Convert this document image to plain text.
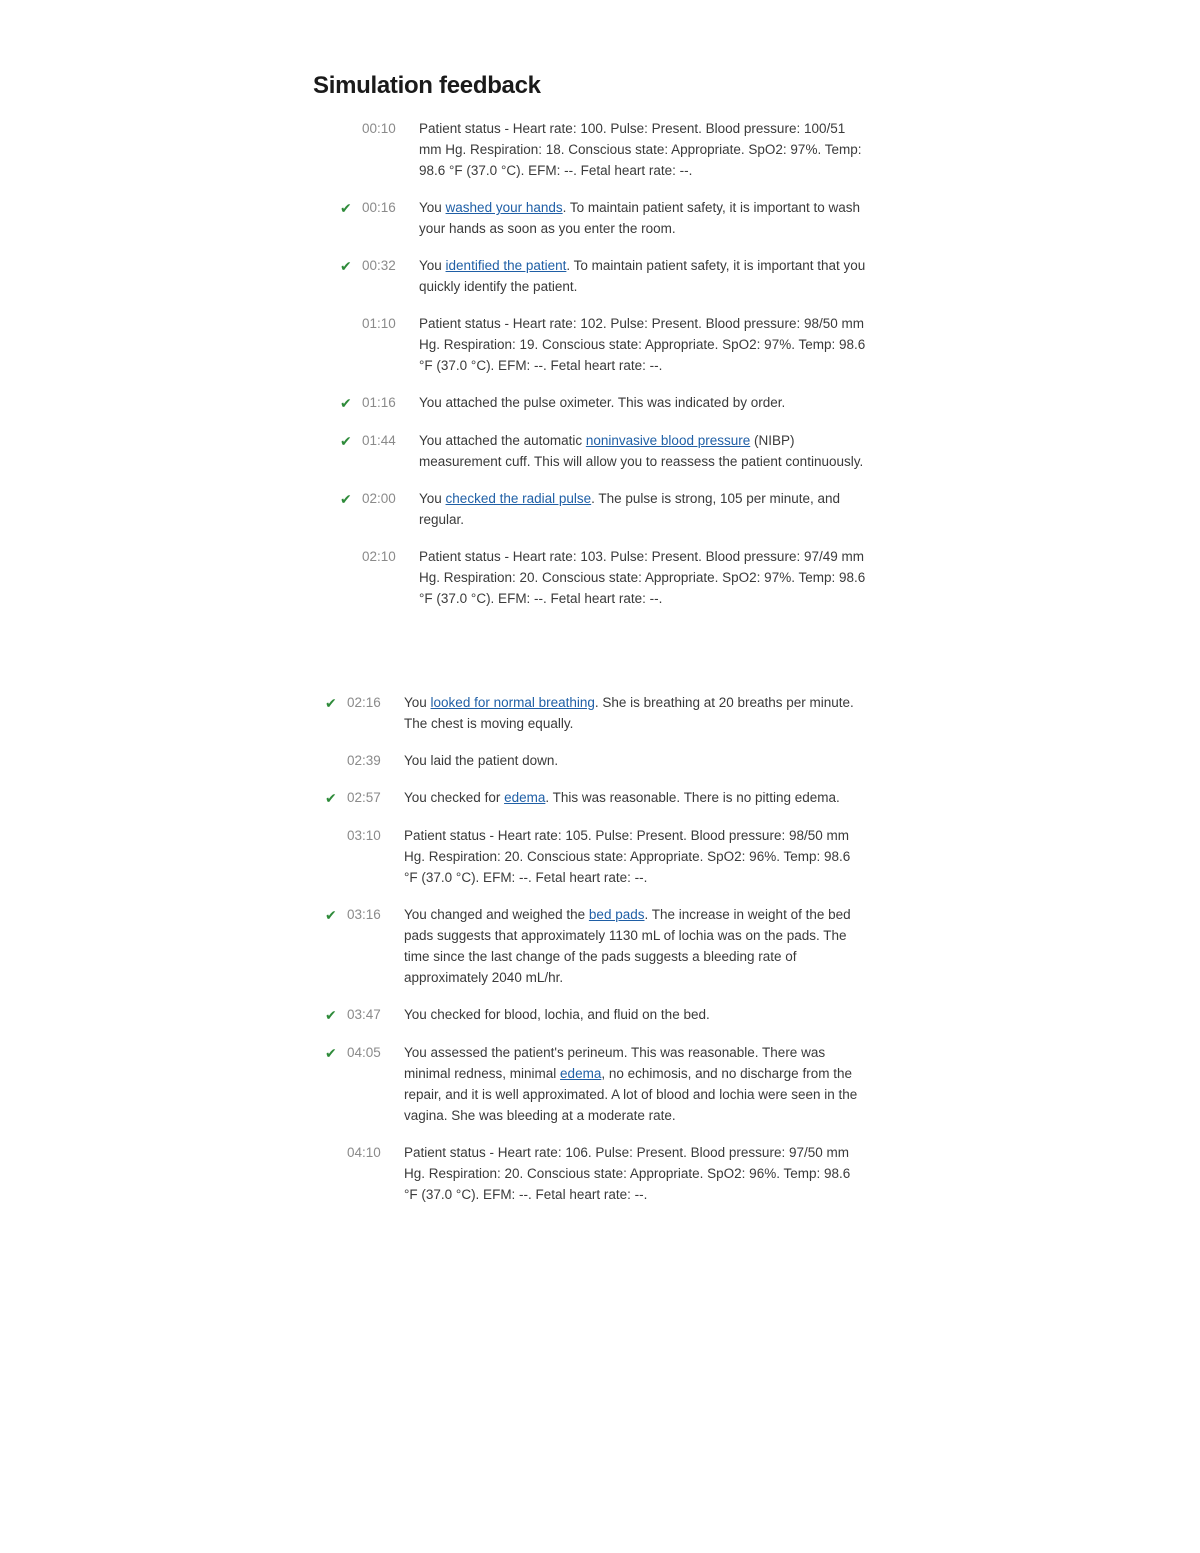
Simulation feedback
00:10	Patient status - Heart rate: 100. Pulse: Present. Blood pressure: 100/51 mm Hg. Respiration: 18. Conscious state: Appropriate. SpO2: 97%. Temp: 98.6 °F (37.0 °C). EFM: --. Fetal heart rate: --.
✔ 00:16	You washed your hands. To maintain patient safety, it is important to wash your hands as soon as you enter the room.
✔ 00:32	You identified the patient. To maintain patient safety, it is important that you quickly identify the patient.
01:10	Patient status - Heart rate: 102. Pulse: Present. Blood pressure: 98/50 mm Hg. Respiration: 19. Conscious state: Appropriate. SpO2: 97%. Temp: 98.6 °F (37.0 °C). EFM: --. Fetal heart rate: --.
✔ 01:16	You attached the pulse oximeter. This was indicated by order.
✔ 01:44	You attached the automatic noninvasive blood pressure (NIBP) measurement cuff. This will allow you to reassess the patient continuously.
✔ 02:00	You checked the radial pulse. The pulse is strong, 105 per minute, and regular.
02:10	Patient status - Heart rate: 103. Pulse: Present. Blood pressure: 97/49 mm Hg. Respiration: 20. Conscious state: Appropriate. SpO2: 97%. Temp: 98.6 °F (37.0 °C). EFM: --. Fetal heart rate: --.
✔ 02:16	You looked for normal breathing. She is breathing at 20 breaths per minute. The chest is moving equally.
02:39	You laid the patient down.
✔ 02:57	You checked for edema. This was reasonable. There is no pitting edema.
03:10	Patient status - Heart rate: 105. Pulse: Present. Blood pressure: 98/50 mm Hg. Respiration: 20. Conscious state: Appropriate. SpO2: 96%. Temp: 98.6 °F (37.0 °C). EFM: --. Fetal heart rate: --.
✔ 03:16	You changed and weighed the bed pads. The increase in weight of the bed pads suggests that approximately 1130 mL of lochia was on the pads. The time since the last change of the pads suggests a bleeding rate of approximately 2040 mL/hr.
✔ 03:47	You checked for blood, lochia, and fluid on the bed.
✔ 04:05	You assessed the patient's perineum. This was reasonable. There was minimal redness, minimal edema, no echimosis, and no discharge from the repair, and it is well approximated. A lot of blood and lochia were seen in the vagina. She was bleeding at a moderate rate.
04:10	Patient status - Heart rate: 106. Pulse: Present. Blood pressure: 97/50 mm Hg. Respiration: 20. Conscious state: Appropriate. SpO2: 96%. Temp: 98.6 °F (37.0 °C). EFM: --. Fetal heart rate: --.
